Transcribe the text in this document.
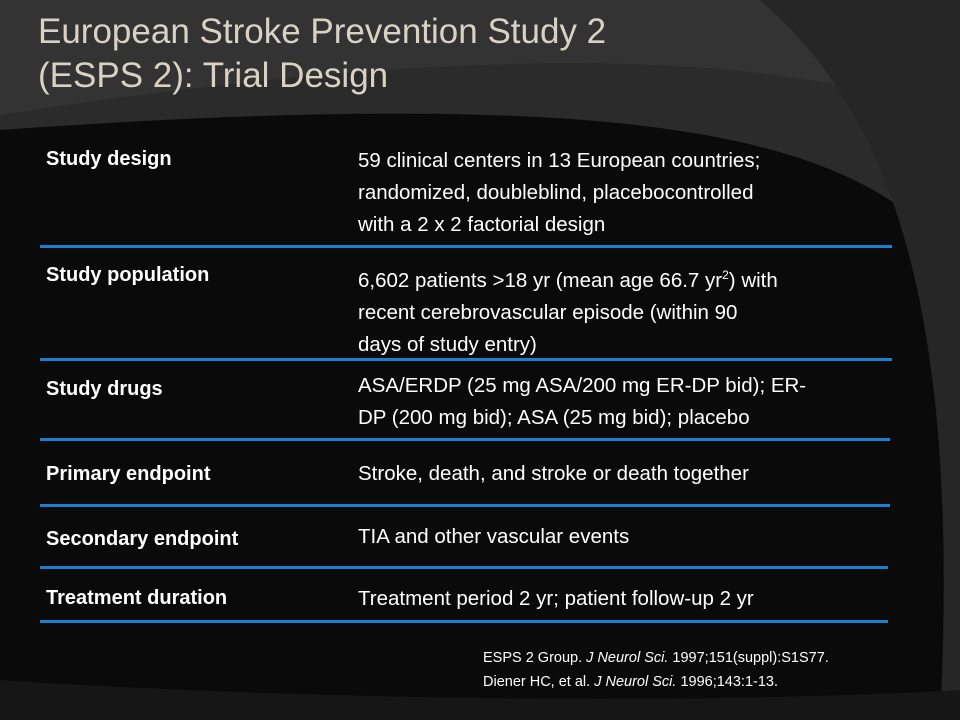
European Stroke Prevention Study 2
(ESPS 2): Trial Design
Study design	59 clinical centers in 13 European countries;
randomized, doubleblind, placebocontrolled
with a 2 x 2 factorial design
Study population	6,602 patients >18 yr (mean age 66.7 $yr^2$) with
recent cerebrovascular episode (within 90
days of study entry)
Study drugs	ASA/ERDP (25 mg ASA/200 mg ER-DP bid); ER-
DP (200 mg bid); ASA (25 mg bid); placebo
Primary endpoint	Stroke, death, and stroke or death together
Secondary endpoint	TIA and other vascular events
Treatment duration	Treatment period 2 yr; patient follow-up 2 yr
ESPS 2 Group. J Neurol Sci. 1997;151(suppl):S1S77.
Diener HC, et al. J Neurol Sci. 1996;143:1-13.
